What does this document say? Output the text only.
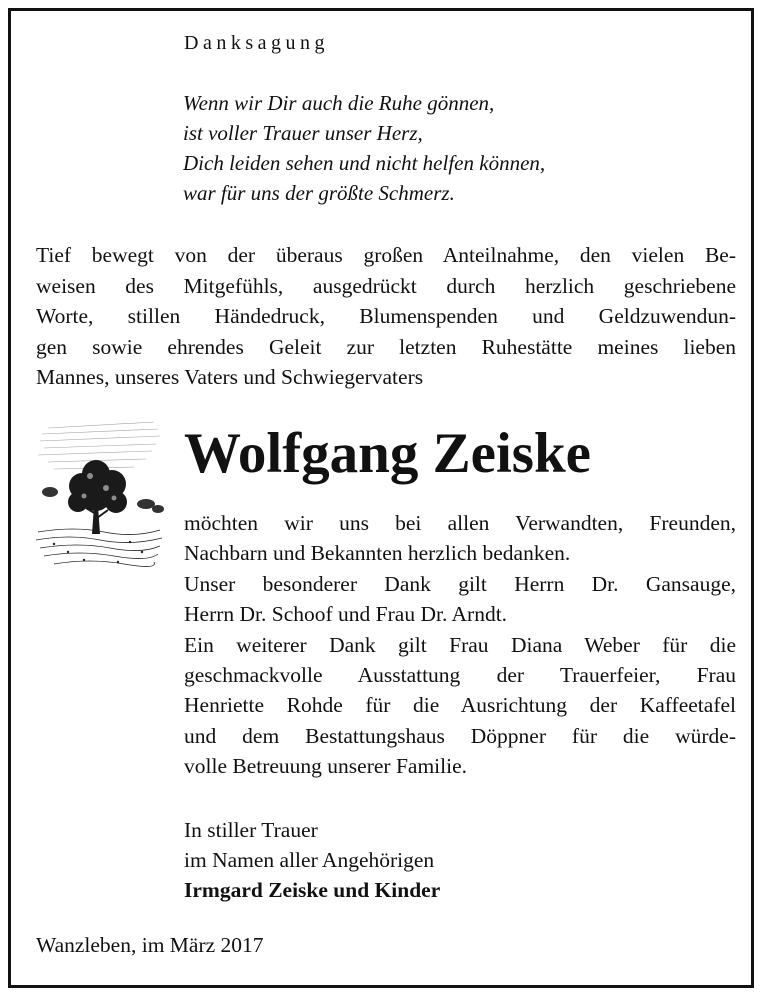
Danksagung
Wenn wir Dir auch die Ruhe gönnen,
ist voller Trauer unser Herz,
Dich leiden sehen und nicht helfen können,
war für uns der größte Schmerz.
Tief bewegt von der überaus großen Anteilnahme, den vielen Be-
weisen des Mitgefühls, ausgedrückt durch herzlich geschriebene
Worte, stillen Händedruck, Blumenspenden und Geldzuwendun-
gen sowie ehrendes Geleit zur letzten Ruhestätte meines lieben
Mannes, unseres Vaters und Schwiegervaters
Wolfgang Zeiske
möchten wir uns bei allen Verwandten, Freunden,
Nachbarn und Bekannten herzlich bedanken.
Unser besonderer Dank gilt Herrn Dr. Gansauge,
Herrn Dr. Schoof und Frau Dr. Arndt.
Ein weiterer Dank gilt Frau Diana Weber für die
geschmackvolle Ausstattung der Trauerfeier, Frau
Henriette Rohde für die Ausrichtung der Kaffeetafel
und dem Bestattungshaus Döppner für die würde-
volle Betreuung unserer Familie.
In stiller Trauer
im Namen aller Angehörigen
Irmgard Zeiske und Kinder
Wanzleben, im März 2017
